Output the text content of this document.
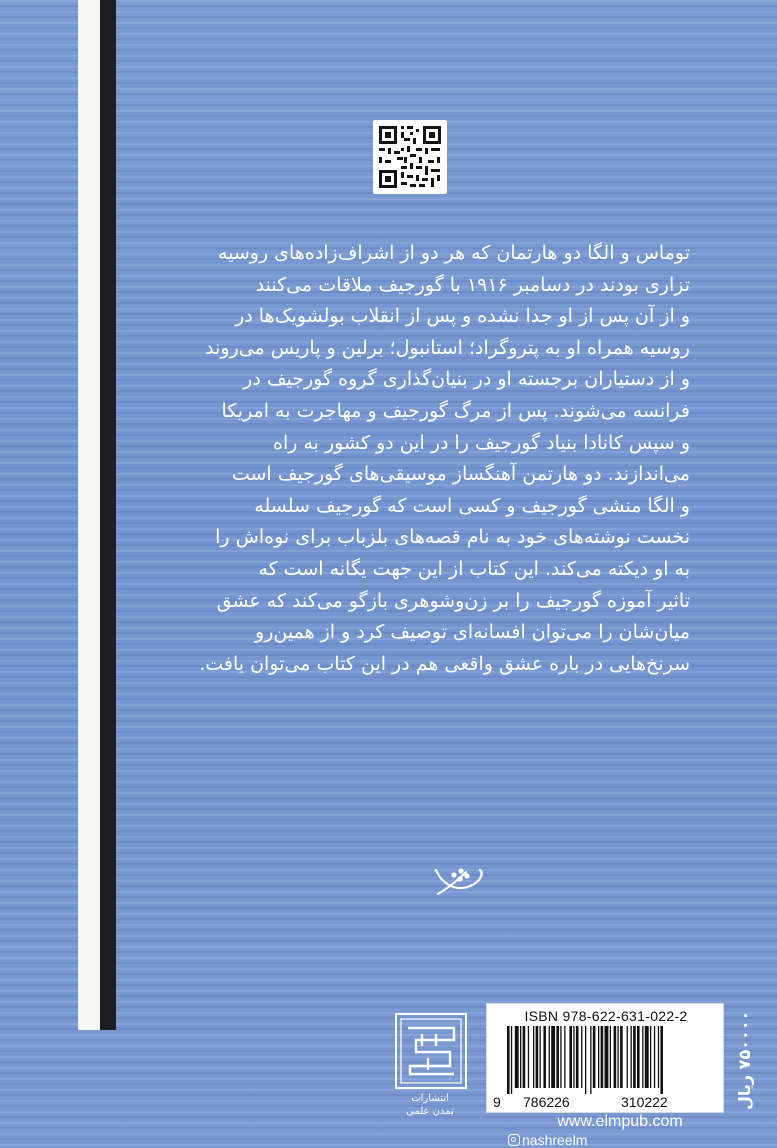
توماس و الگا دو هارتمان که هر دو از اشراف‌زاده‌های روسیه
تزاری بودند در دسامبر ۱۹۱۶ با گورجیف ملاقات می‌کنند
و از آن پس از او جدا نشده و پس از انقلاب بولشویک‌ها در
روسیه همراه او به پتروگراد؛ استانبول؛ برلین و پاریس می‌روند
و از دستیاران برجسته او در بنیان‌گذاری گروه گورجیف در
فرانسه می‌شوند. پس از مرگ گورجیف و مهاجرت به امریکا
و سپس کانادا بنیاد گورجیف را در این دو کشور به راه
می‌اندازند. دو هارتمن آهنگساز موسیقی‌های گورجیف است
و الگا منشی گورجیف و کسی است که گورجیف سلسله
نخست نوشته‌های خود به نام قصه‌های بلزباب برای نوه‌اش را
به او دیکته می‌کند. این کتاب از این جهت یگانه است که
تاثیر آموزه گورجیف را بر زن‌وشوهری بازگو می‌کند که عشق
میان‌شان را می‌توان افسانه‌ای توصیف کرد و از همین‌رو
سرنخ‌هایی در باره عشق واقعی هم در این کتاب می‌توان یافت.
انتشارات
تمدن علمی
ISBN 978-622-631-022-2
9 786226	310222	۷۵۰۰۰۰ ریال
www.elmpub.com
nashreelm
